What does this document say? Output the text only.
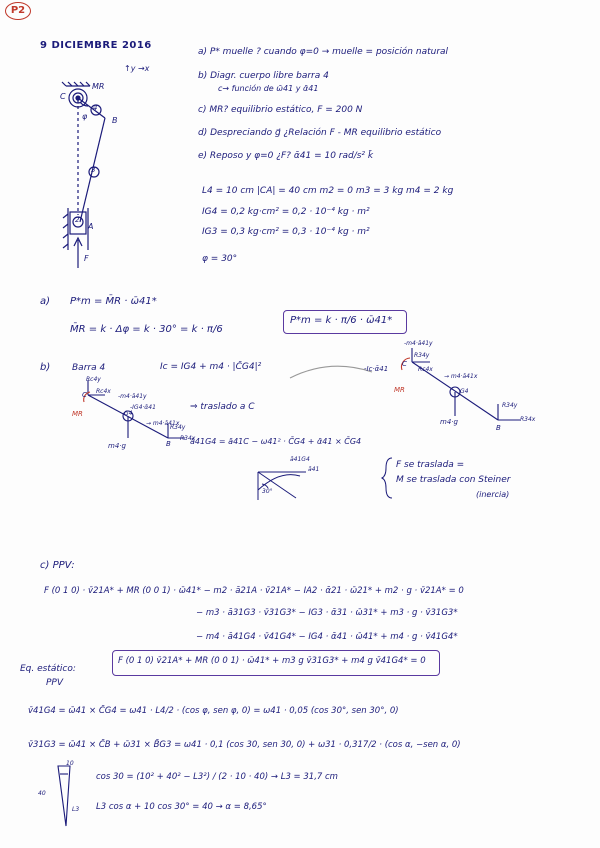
P2
9 DICIEMBRE 2016
↑y →x
a) P* muelle ? cuando φ=0 → muelle = posición natural
b) Diagr. cuerpo libre barra 4
c→ función de ω̄41 y ᾱ41
c) MR? equilibrio estático, F = 200 N
d) Despreciando g⃗ ¿Relación F - MR equilibrio estático
e) Reposo y φ=0 ¿F? ᾱ41 = 10 rad/s² k̄
L4 = 10 cm |CA| = 40 cm m2 = 0 m3 = 3 kg m4 = 2 kg
IG4 = 0,2 kg·cm² = 0,2 · 10⁻⁴ kg · m²
IG3 = 0,3 kg·cm² = 0,3 · 10⁻⁴ kg · m²
φ = 30°
C
MR
B
A
F
φ
4
3
2
a) P*m = M̄R · ω̄41*
M̄R = k · Δφ = k · 30° = k · π/6
P*m = k · π/6 · ω̄41*
b) Barra 4	Ic = IG4 + m4 · |C̄G4|²
⇒ traslado a C
ā41G4 = ā41C − ω41² · C̄G4 + ᾱ41 × C̄G4
C
Rc4y
Rc4x
-m4·ā41y
-IG4·ᾱ41
→ m4·ā41x
G4
R34y
R34x
m4·g
MR
B
-m4·ā41y
R34y
-Ic·ᾱ41	Rc4x
→ m4·ā41x
C
MR	G4
R34y
R34x
m4·g
B
ā41G4
ā41
30°
F se traslada =
M se traslada con Steiner
(inercia)
c) PPV:
F (0 1 0) · v̄21A* + MR (0 0 1) · ω̄41* − m2 · ā21A · v̄21A* − IA2 · ᾱ21 · ω̄21* + m2 · g · v̄21A* = 0
− m3 · ā31G3 · v̄31G3* − IG3 · ᾱ31 · ω̄31* + m3 · g · v̄31G3*
− m4 · ā41G4 · v̄41G4* − IG4 · ᾱ41 · ω̄41* + m4 · g · v̄41G4*
Eq. estático:
PPV
F (0 1 0) v̄21A* + MR (0 0 1) · ω̄41* + m3 g v̄31G3* + m4 g v̄41G4* = 0
v̄41G4 = ω̄41 × C̄G4 = ω41 · L4/2 · (cos φ, sen φ, 0) = ω41 · 0,05 (cos 30°, sen 30°, 0)
v̄31G3 = ω̄41 × C̄B + ω̄31 × B̄G3 = ω41 · 0,1 (cos 30, sen 30, 0) + ω31 · 0,317/2 · (cos α, −sen α, 0)
10
40
L3
cos 30 = (10² + 40² − L3²) / (2 · 10 · 40) → L3 = 31,7 cm
L3 cos α + 10 cos 30° = 40 → α = 8,65°
